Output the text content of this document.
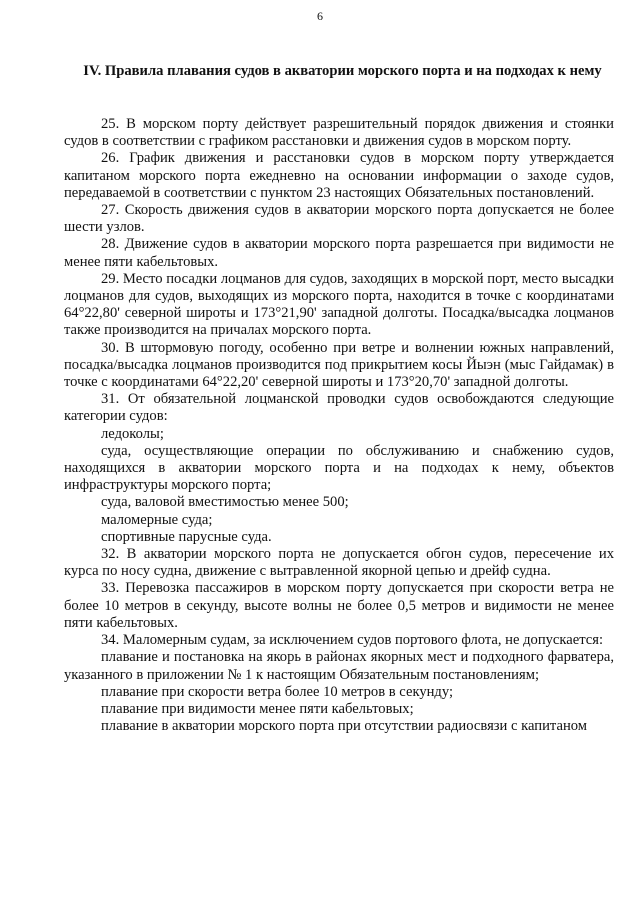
6
IV. Правила плавания судов в акватории морского порта и на подходах к нему

25. В морском порту действует разрешительный порядок движения и стоянки судов в соответствии с графиком расстановки и движения судов в морском порту.

26. График движения и расстановки судов в морском порту утверждается капитаном морского порта ежедневно на основании информации о заходе судов, передаваемой в соответствии с пунктом 23 настоящих Обязательных постановлений.

27. Скорость движения судов в акватории морского порта допускается не более шести узлов.

28. Движение судов в акватории морского порта разрешается при видимости не менее пяти кабельтовых.

29. Место посадки лоцманов для судов, заходящих в морской порт, место высадки лоцманов для судов, выходящих из морского порта, находится в точке с координатами 64°22,80' северной широты и 173°21,90' западной долготы. Посадка/высадка лоцманов также производится на причалах морского порта.

30. В штормовую погоду, особенно при ветре и волнении южных направлений, посадка/высадка лоцманов производится под прикрытием косы Йыэн (мыс Гайдамак) в точке с координатами 64°22,20' северной широты и 173°20,70' западной долготы.

31. От обязательной лоцманской проводки судов освобождаются следующие категории судов:

ледоколы;

суда, осуществляющие операции по обслуживанию и снабжению судов, находящихся в акватории морского порта и на подходах к нему, объектов инфраструктуры морского порта;

суда, валовой вместимостью менее 500;

маломерные суда;

спортивные парусные суда.

32. В акватории морского порта не допускается обгон судов, пересечение их курса по носу судна, движение с вытравленной якорной цепью и дрейф судна.

33. Перевозка пассажиров в морском порту допускается при скорости ветра не более 10 метров в секунду, высоте волны не более 0,5 метров и видимости не менее пяти кабельтовых.

34. Маломерным судам, за исключением судов портового флота, не допускается:

плавание и постановка на якорь в районах якорных мест и подходного фарватера, указанного в приложении № 1 к настоящим Обязательным постановлениям;

плавание при скорости ветра более 10 метров в секунду;

плавание при видимости менее пяти кабельтовых;

плавание в акватории морского порта при отсутствии радиосвязи с капитаном
